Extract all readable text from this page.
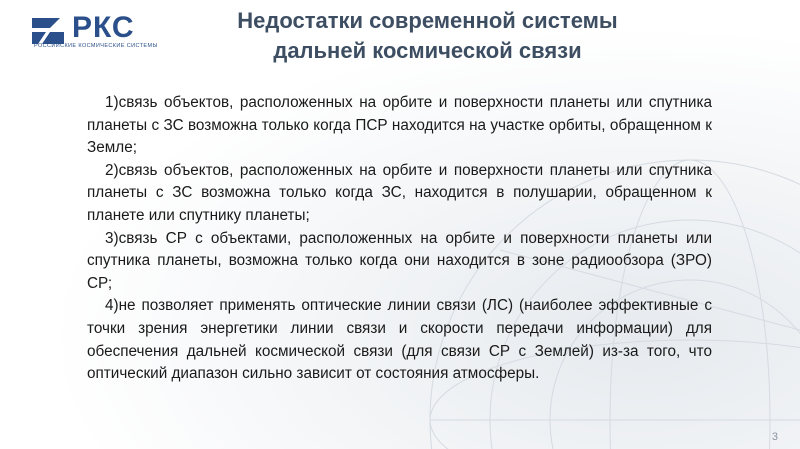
РКС
РОССИЙСКИЕ КОСМИЧЕСКИЕ СИСТЕМЫ
Недостатки современной системы дальней космической связи

1)связь объектов, расположенных на орбите и поверхности планеты или спутника планеты с ЗС возможна только когда ПСР находится на участке орбиты, обращенном к Земле;

2)связь объектов, расположенных на орбите и поверхности планеты или спутника планеты с ЗС возможна только когда ЗС, находится в полушарии, обращенном к планете или спутнику планеты;

3)связь СР с объектами, расположенных на орбите и поверхности планеты или спутника планеты, возможна только когда они находится в зоне радиообзора (ЗРО) СР;

4)не позволяет применять оптические линии связи (ЛС) (наиболее эффективные с точки зрения энергетики линии связи и скорости передачи информации) для обеспечения дальней космической связи (для связи СР с Землей) из-за того, что оптический диапазон сильно зависит от состояния атмосферы.

3
